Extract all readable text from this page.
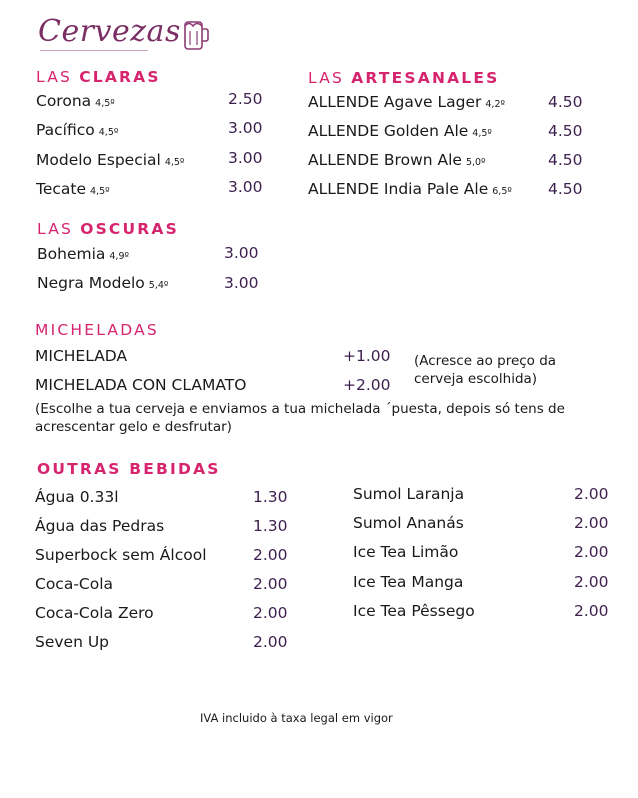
Cervezas
LAS CLARAS
Corona 4,5º	2.50
Pacífico 4,5º	3.00
Modelo Especial 4,5º	3.00
Tecate 4,5º	3.00
LAS ARTESANALES
ALLENDE Agave Lager 4,2º	4.50
ALLENDE Golden Ale 4,5º	4.50
ALLENDE Brown Ale 5,0º	4.50
ALLENDE India Pale Ale 6,5º 4.50
LAS OSCURAS
Bohemia 4,9º	3.00
Negra Modelo 5,4º	3.00
MICHELADAS
MICHELADA	+1.00
MICHELADA CON CLAMATO	+2.00
(Acresce ao preço da
cerveja escolhida)
(Escolhe a tua cerveja e enviamos a tua michelada ´puesta, depois só tens de
acrescentar gelo e desfrutar)
OUTRAS BEBIDAS
Água 0.33l	1.30
Água das Pedras	1.30
Superbock sem Álcool	2.00
Coca-Cola	2.00
Coca-Cola Zero	2.00
Seven Up	2.00
Sumol Laranja	2.00
Sumol Ananás	2.00
Ice Tea Limão	2.00
Ice Tea Manga	2.00
Ice Tea Pêssego	2.00
IVA incluido à taxa legal em vigor
